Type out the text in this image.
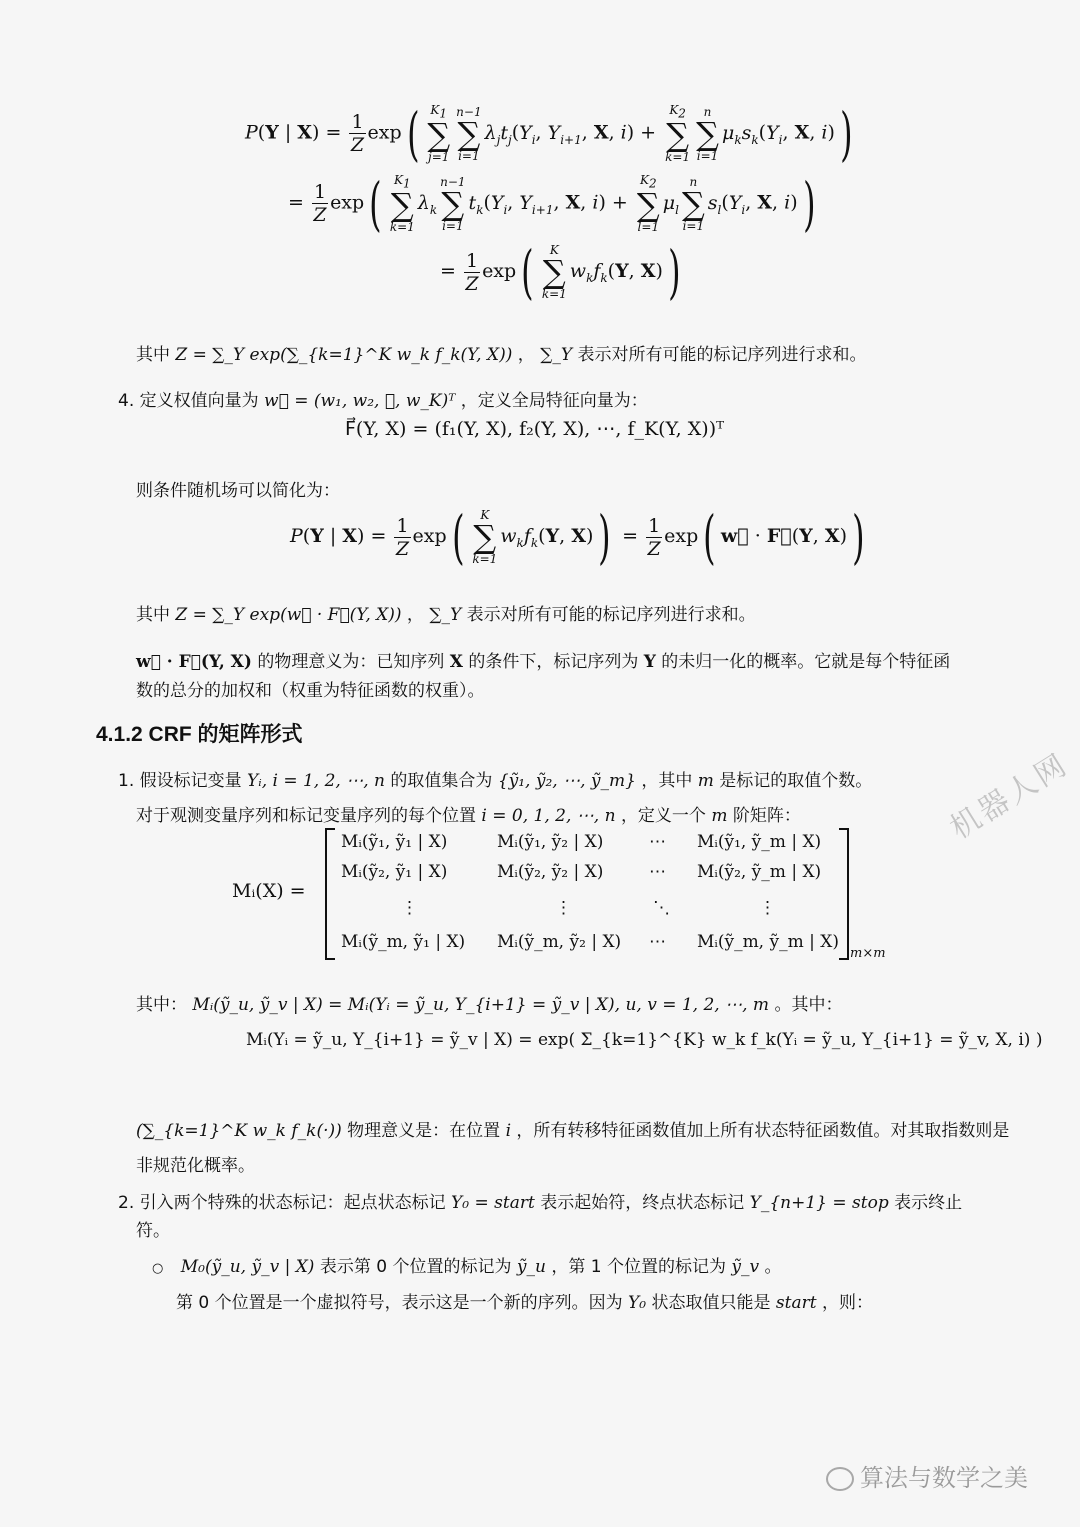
P(Y | $X) = \frac{1}{Z} \exp$( $K_1$
∑
j=1
n−1
∑
i=1
$\lambda_jt_j(Y_i$, $Y_{i+1}$, X, i) +
$K_2$
∑
k=1
n
∑
i=1
$\mu_ks_k(Y_i$, X, i))
= $\frac{1}{Z} \exp$(	$K_1$
∑
k=1
$\lambda_k$
n−1
∑
i=1
$t_k(Y_i$, $Y_{i+1}$, X, i) +
$K_2$
∑
l=1
$\mu_l$
n
∑
i=1
$s_l(Y_i$, X, i))
= $\frac{1}{Z} \exp$(	K
∑
k=1
$w_kf_k(Y$, X))
其中 Z = ∑_Y exp(∑_{k=1}^K w_k f_k(Y, X)) ， ∑_Y 表示对所有可能的标记序列进行求和。
4. 定义权值向量为 w⃗ = (w₁, w₂, ⋯, w_K)ᵀ ，定义全局特征向量为：
F⃗(Y, X) = (f₁(Y, X), f₂(Y, X), ⋯, f_K(Y, X))ᵀ
则条件随机场可以简化为：
P(Y | $X) = \frac{1}{Z} \exp$(	K
∑
k=1
$w_kf_k(Y$, $X)) = \frac{1}{Z} \exp$( w⃗ · F⃗(Y, X))
其中 Z = ∑_Y exp(w⃗ · F⃗(Y, X)) ， ∑_Y 表示对所有可能的标记序列进行求和。
w⃗ · F⃗(Y, X) 的物理意义为：已知序列 X 的条件下，标记序列为 Y 的未归一化的概率。它就是每个特征函
数的总分的加权和（权重为特征函数的权重）。
4.1.2 CRF 的矩阵形式
机器人网
1. 假设标记变量 Yᵢ, i = 1, 2, ⋯, n 的取值集合为 {ỹ₁, ỹ₂, ⋯, ỹ_m} ，其中 m 是标记的取值个数。
对于观测变量序列和标记变量序列的每个位置 i = 0, 1, 2, ⋯, n ，定义一个 m 阶矩阵：
Mᵢ(X) =
Mᵢ(ỹ₁, ỹ₁ | X)	Mᵢ(ỹ₁, ỹ₂ | X)	⋯ Mᵢ(ỹ₁, ỹ_m | X)
Mᵢ(ỹ₂, ỹ₁ | X)	Mᵢ(ỹ₂, ỹ₂ | X)	⋯ Mᵢ(ỹ₂, ỹ_m | X)
⋮	⋮	⋱	⋮
Mᵢ(ỹ_m, ỹ₁ | X) Mᵢ(ỹ_m, ỹ₂ | X) ⋯ Mᵢ(ỹ_m, ỹ_m | X)
m×m
其中： Mᵢ(ỹ_u, ỹ_v | X) = Mᵢ(Yᵢ = ỹ_u, Y_{i+1} = ỹ_v | X), u, v = 1, 2, ⋯, m 。其中：
Mᵢ(Yᵢ = ỹ_u, Y_{i+1} = ỹ_v | X) = exp( Σ_{k=1}^{K} w_k f_k(Yᵢ = ỹ_u, Y_{i+1} = ỹ_v, X, i) )
(∑_{k=1}^K w_k f_k(·)) 物理意义是：在位置 i ，所有转移特征函数值加上所有状态特征函数值。对其取指数则是
非规范化概率。
2. 引入两个特殊的状态标记：起点状态标记 Y₀ = start 表示起始符，终点状态标记 Y_{n+1} = stop 表示终止
符。
○ M₀(ỹ_u, ỹ_v | X) 表示第 0 个位置的标记为 ỹ_u ，第 1 个位置的标记为 ỹ_v 。
第 0 个位置是一个虚拟符号，表示这是一个新的序列。因为 Y₀ 状态取值只能是 start ，则：
算法与数学之美
